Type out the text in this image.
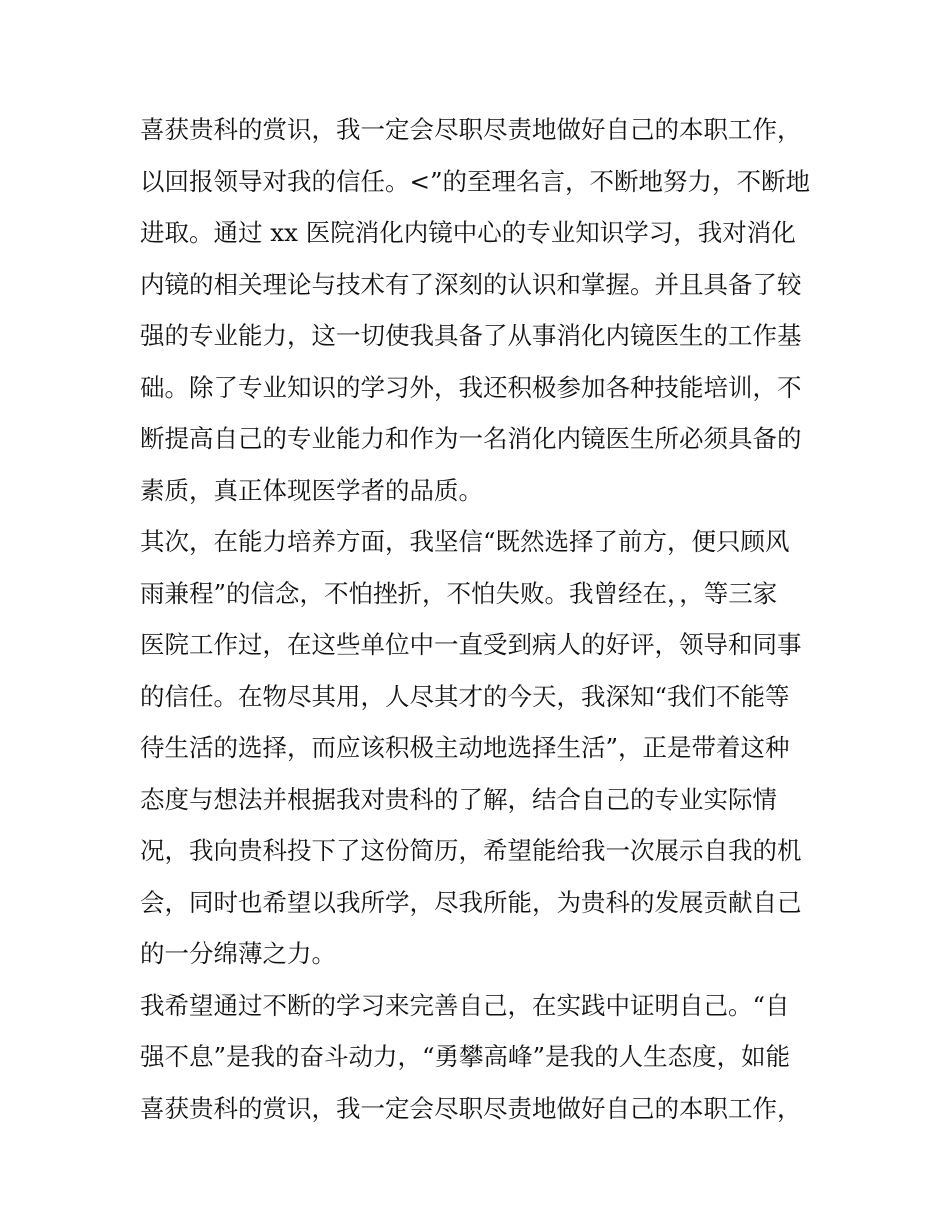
喜获贵科的赏识，我一定会尽职尽责地做好自己的本职工作，
以回报领导对我的信任。<”的至理名言，不断地努力，不断地
进取。通过 xx 医院消化内镜中心的专业知识学习，我对消化
内镜的相关理论与技术有了深刻的认识和掌握。并且具备了较
强的专业能力，这一切使我具备了从事消化内镜医生的工作基
础。除了专业知识的学习外，我还积极参加各种技能培训，不
断提高自己的专业能力和作为一名消化内镜医生所必须具备的
素质，真正体现医学者的品质。
其次，在能力培养方面，我坚信“既然选择了前方，便只顾风
雨兼程”的信念，不怕挫折，不怕失败。我曾经在，，等三家
医院工作过，在这些单位中一直受到病人的好评，领导和同事
的信任。在物尽其用，人尽其才的今天，我深知“我们不能等
待生活的选择，而应该积极主动地选择生活”，正是带着这种
态度与想法并根据我对贵科的了解，结合自己的专业实际情
况，我向贵科投下了这份简历，希望能给我一次展示自我的机
会，同时也希望以我所学，尽我所能，为贵科的发展贡献自己
的一分绵薄之力。
我希望通过不断的学习来完善自己，在实践中证明自己。“自
强不息”是我的奋斗动力，“勇攀高峰”是我的人生态度，如能
喜获贵科的赏识，我一定会尽职尽责地做好自己的本职工作，
